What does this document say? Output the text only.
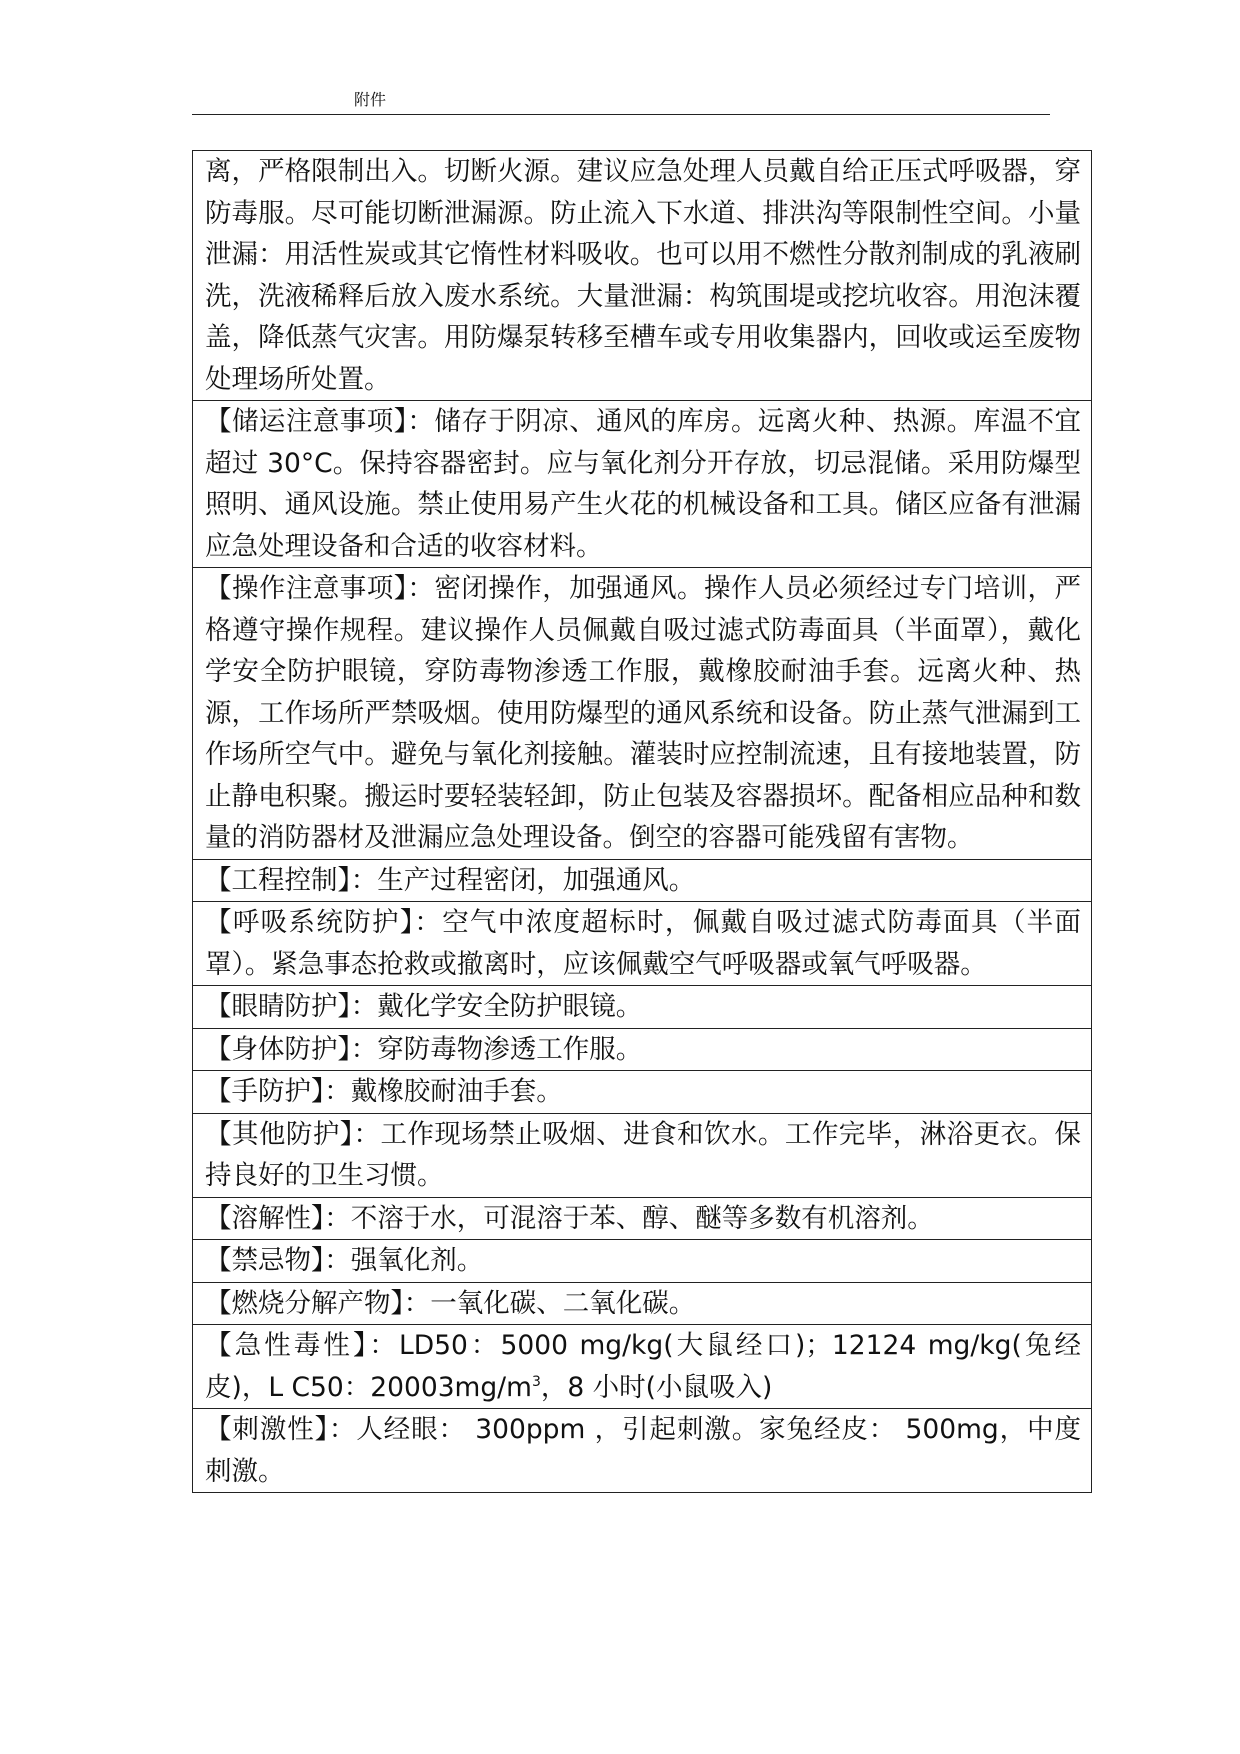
附件
离，严格限制出入。切断火源。建议应急处理人员戴自给正压式呼吸器，穿防毒服。尽可能切断泄漏源。防止流入下水道、排洪沟等限制性空间。小量泄漏：用活性炭或其它惰性材料吸收。也可以用不燃性分散剂制成的乳液刷洗，洗液稀释后放入废水系统。大量泄漏：构筑围堤或挖坑收容。用泡沫覆盖，降低蒸气灾害。用防爆泵转移至槽车或专用收集器内，回收或运至废物处理场所处置。
【储运注意事项】：储存于阴凉、通风的库房。远离火种、热源。库温不宜超过 30°C。保持容器密封。应与氧化剂分开存放，切忌混储。采用防爆型照明、通风设施。禁止使用易产生火花的机械设备和工具。储区应备有泄漏应急处理设备和合适的收容材料。
【操作注意事项】：密闭操作，加强通风。操作人员必须经过专门培训，严格遵守操作规程。建议操作人员佩戴自吸过滤式防毒面具（半面罩），戴化学安全防护眼镜，穿防毒物渗透工作服，戴橡胶耐油手套。远离火种、热源，工作场所严禁吸烟。使用防爆型的通风系统和设备。防止蒸气泄漏到工作场所空气中。避免与氧化剂接触。灌装时应控制流速，且有接地装置，防止静电积聚。搬运时要轻装轻卸，防止包装及容器损坏。配备相应品种和数量的消防器材及泄漏应急处理设备。倒空的容器可能残留有害物。
【工程控制】：生产过程密闭，加强通风。
【呼吸系统防护】：空气中浓度超标时，佩戴自吸过滤式防毒面具（半面罩）。紧急事态抢救或撤离时，应该佩戴空气呼吸器或氧气呼吸器。
【眼睛防护】：戴化学安全防护眼镜。
【身体防护】：穿防毒物渗透工作服。
【手防护】：戴橡胶耐油手套。
【其他防护】：工作现场禁止吸烟、进食和饮水。工作完毕，淋浴更衣。保持良好的卫生习惯。
【溶解性】：不溶于水，可混溶于苯、醇、醚等多数有机溶剂。
【禁忌物】：强氧化剂。
【燃烧分解产物】：一氧化碳、二氧化碳。
【急性毒性】：LD50：5000 mg/kg(大鼠经口)；12124 mg/kg(兔经皮)，L C50：$20003mg/m^3$，8 小时(小鼠吸入)
【刺激性】：人经眼： 300ppm ，引起刺激。家兔经皮： 500mg，中度刺激。
